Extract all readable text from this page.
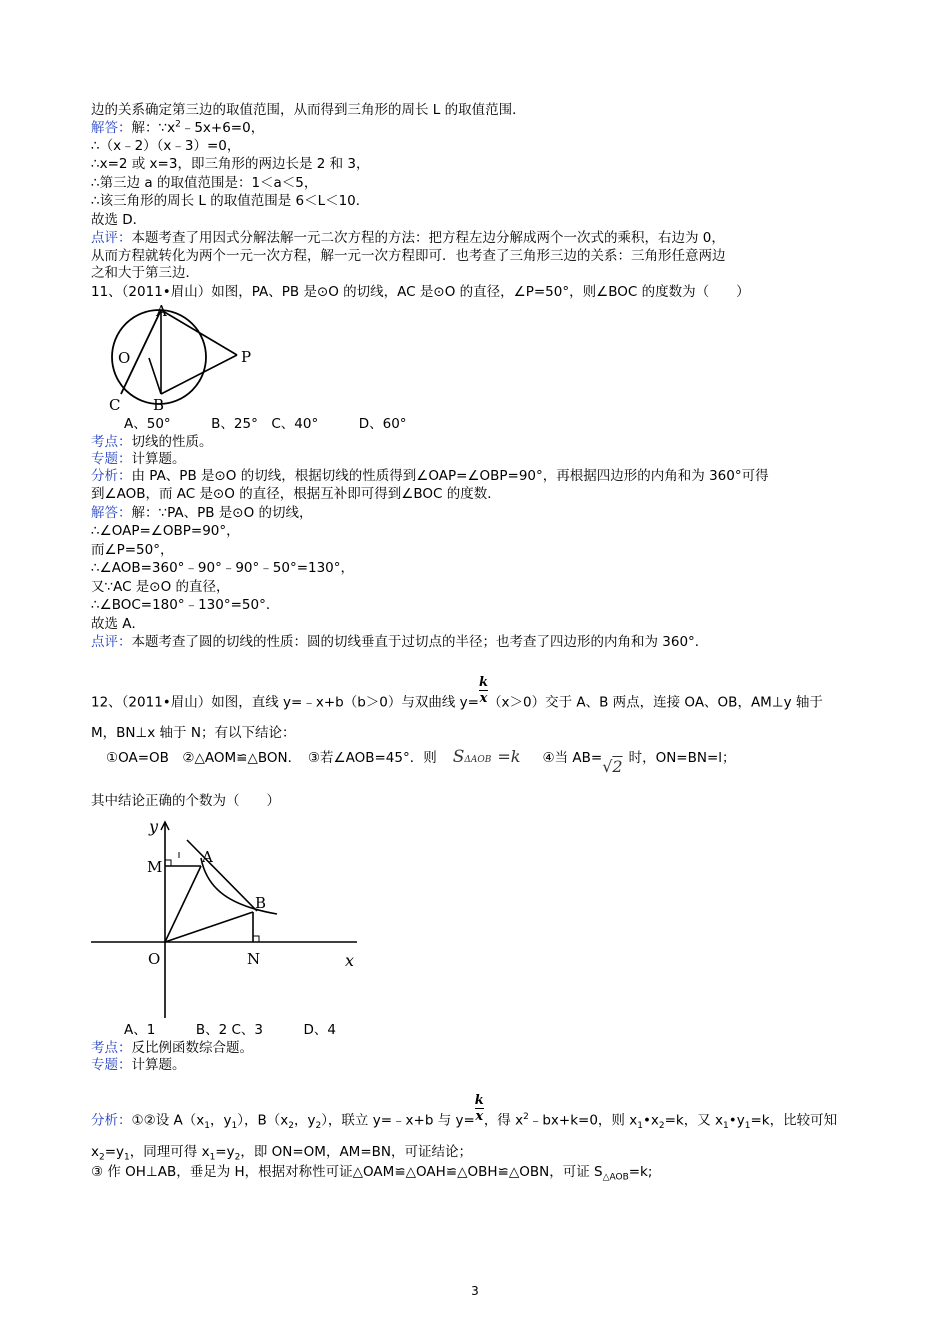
边的关系确定第三边的取值范围，从而得到三角形的周长 L 的取值范围．
解答：解：$\because x^2﹣5x+6=0$，
∴（x﹣2）（x﹣3）=0，
∴x=2 或 x=3，即三角形的两边长是 2 和 3，
∴第三边 a 的取值范围是：1＜a＜5，
∴该三角形的周长 L 的取值范围是 6＜L＜10．
故选 D．
点评：本题考查了用因式分解法解一元二次方程的方法：把方程左边分解成两个一次式的乘积，右边为 0，
从而方程就转化为两个一元一次方程，解一元一次方程即可．也考查了三角形三边的关系：三角形任意两边
之和大于第三边．
11、（2011•眉山）如图，PA、PB 是⊙O 的切线，AC 是⊙O 的直径，∠P=50°，则∠BOC 的度数为（　　）
A
O	P
C B
A、50°　　　B、25°　C、40°　　　D、60°
考点：切线的性质。
专题：计算题。
分析：由 PA、PB 是⊙O 的切线，根据切线的性质得到∠OAP=∠OBP=90°，再根据四边形的内角和为 360°可得
到∠AOB，而 AC 是⊙O 的直径，根据互补即可得到∠BOC 的度数．
解答：解：∵PA、PB 是⊙O 的切线，
∴∠OAP=∠OBP=90°，
而∠P=50°，
∴∠AOB=360°﹣90°﹣90°﹣50°=130°，
又∵AC 是⊙O 的直径，
∴∠BOC=180°﹣130°=50°．
故选 A．
点评：本题考查了圆的切线的性质：圆的切线垂直于过切点的半径；也考查了四边形的内角和为 360°．
12、（2011•眉山）如图，直线 y=﹣x+b（b＞0）与双曲线 $y=\frac{k}{x}(x>0)$交于 A、B 两点，连接 OA、OB，AM⊥y 轴于
M，BN⊥x 轴于 N；有以下结论：
①OA=OB　②△AOM≌△BON．　③若∠AOB=45°．则 SΔAOB =k ④当 AB=√2 时，ON=BN=l；
其中结论正确的个数为（　　）
y
M
A
B
O	N	x
A、1　　　B、2 C、3　　　D、4
考点：反比例函数综合题。
专题：计算题。
分析：①②设 $A(x_1$，$y_1$），$B(x_2$，$y_2$），联立 y=﹣x+b 与 $y=\frac{k}{x}$，得 $x^2﹣bx+k=0$，则 $x_1•x_2=k$，又 $x_1•y_1=k$，比较可知
$x_2=y_1$，同理可得 $x_1=y_2$，即 ON=OM，AM=BN，可证结论；
③ 作 OH⊥AB，垂足为 H，根据对称性可证△OAM≌△OAH≌△OBH≌△OBN，可证 $S_{\triangle AOB}=k$;
3
